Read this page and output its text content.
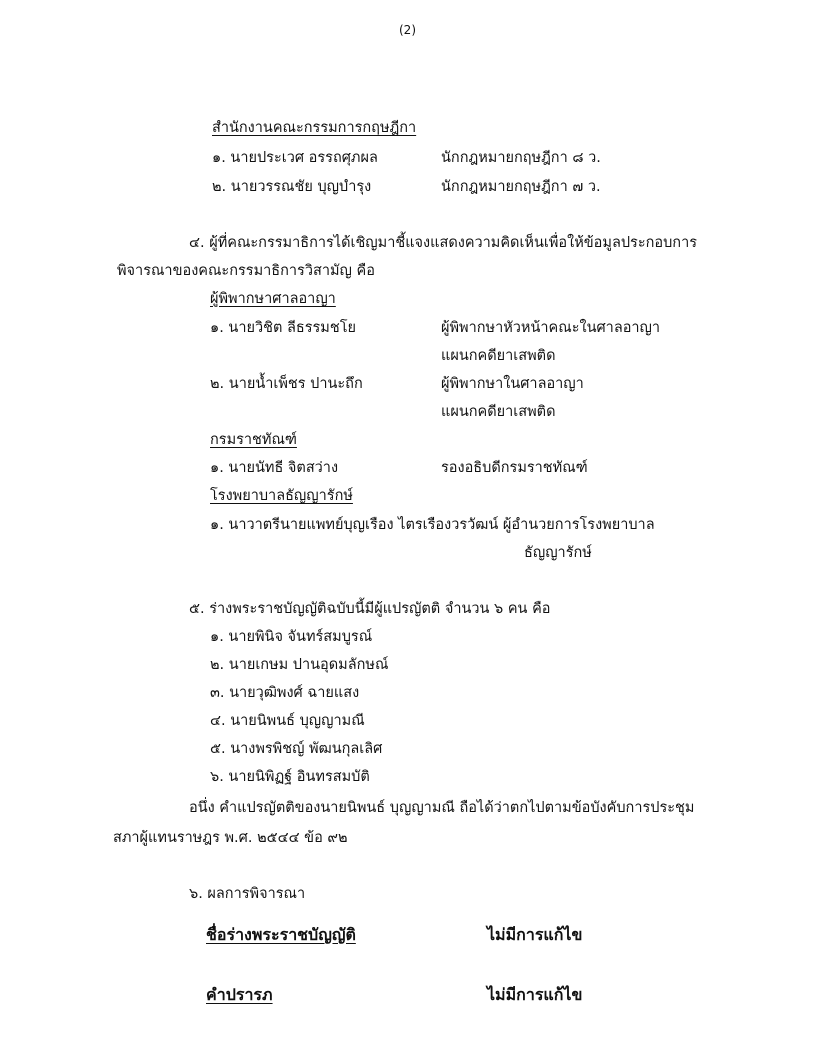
(2)
สำนักงานคณะกรรมการกฤษฎีกา
๑. นายประเวศ อรรถศุภผล	นักกฎหมายกฤษฎีกา ๘ ว.
๒. นายวรรณชัย บุญบำรุง	นักกฎหมายกฤษฎีกา ๗ ว.
๔. ผู้ที่คณะกรรมาธิการได้เชิญมาชี้แจงแสดงความคิดเห็นเพื่อให้ข้อมูลประกอบการ
พิจารณาของคณะกรรมาธิการวิสามัญ คือ
ผู้พิพากษาศาลอาญา
๑. นายวิชิต ลีธรรมชโย	ผู้พิพากษาหัวหน้าคณะในศาลอาญา
แผนกคดียาเสพติด
๒. นายน้ำเพ็ชร ปานะถึก	ผู้พิพากษาในศาลอาญา
แผนกคดียาเสพติด
กรมราชทัณฑ์
๑. นายนัทธี จิตสว่าง	รองอธิบดีกรมราชทัณฑ์
โรงพยาบาลธัญญารักษ์
๑. นาวาตรีนายแพทย์บุญเรือง ไตรเรืองวรวัฒน์ ผู้อำนวยการโรงพยาบาล
ธัญญารักษ์
๕. ร่างพระราชบัญญัติฉบับนี้มีผู้แปรญัตติ จำนวน ๖ คน คือ
๑. นายพินิจ จันทร์สมบูรณ์
๒. นายเกษม ปานอุดมลักษณ์
๓. นายวุฒิพงศ์ ฉายแสง
๔. นายนิพนธ์ บุญญามณี
๕. นางพรพิชญ์ พัฒนกุลเลิศ
๖. นายนิพิฏฐ์ อินทรสมบัติ
อนึ่ง คำแปรญัตติของนายนิพนธ์ บุญญามณี ถือได้ว่าตกไปตามข้อบังคับการประชุม
สภาผู้แทนราษฎร พ.ศ. ๒๕๔๔ ข้อ ๙๒
๖. ผลการพิจารณา
ชื่อร่างพระราชบัญญัติ	ไม่มีการแก้ไข
คำปรารภ	ไม่มีการแก้ไข
